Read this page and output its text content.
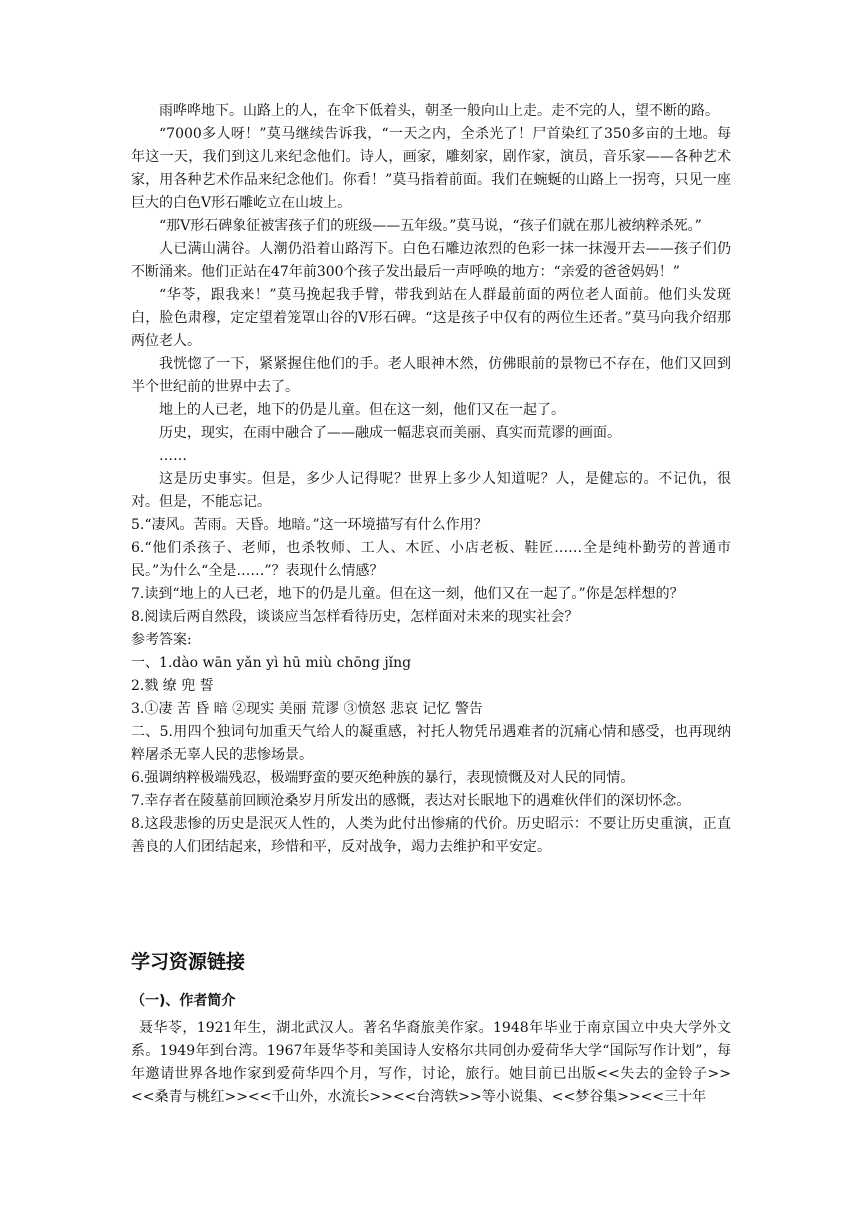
雨哗哗地下。山路上的人，在伞下低着头，朝圣一般向山上走。走不完的人，望不断的路。

“7000多人呀！”莫马继续告诉我，“一天之内，全杀光了！尸首染红了350多亩的土地。每年这一天，我们到这儿来纪念他们。诗人，画家，雕刻家，剧作家，演员，音乐家——各种艺术家，用各种艺术作品来纪念他们。你看！”莫马指着前面。我们在蜿蜒的山路上一拐弯，只见一座巨大的白色V形石雕屹立在山坡上。

“那V形石碑象征被害孩子们的班级——五年级。”莫马说，“孩子们就在那儿被纳粹杀死。”

人已满山满谷。人潮仍沿着山路泻下。白色石雕边浓烈的色彩一抹一抹漫开去——孩子们仍不断涌来。他们正站在47年前300个孩子发出最后一声呼唤的地方：“亲爱的爸爸妈妈！”

“华苓，跟我来！”莫马挽起我手臂，带我到站在人群最前面的两位老人面前。他们头发斑白，脸色肃穆，定定望着笼罩山谷的V形石碑。“这是孩子中仅有的两位生还者。”莫马向我介绍那两位老人。

我恍惚了一下，紧紧握住他们的手。老人眼神木然，仿佛眼前的景物已不存在，他们又回到半个世纪前的世界中去了。

地上的人已老，地下的仍是儿童。但在这一刻，他们又在一起了。

历史，现实，在雨中融合了——融成一幅悲哀而美丽、真实而荒谬的画面。

……

这是历史事实。但是，多少人记得呢？世界上多少人知道呢？人，是健忘的。不记仇，很对。但是，不能忘记。

5.“凄风。苦雨。天昏。地暗。”这一环境描写有什么作用？

6.“他们杀孩子、老师，也杀牧师、工人、木匠、小店老板、鞋匠……全是纯朴勤劳的普通市民。”为什么“全是……”？表现什么情感？

7.读到“地上的人已老，地下的仍是儿童。但在这一刻，他们又在一起了。”你是怎样想的？

8.阅读后两自然段，谈谈应当怎样看待历史，怎样面对未来的现实社会？

参考答案:

一、1.dào wān yǎn yì hū miù chōng jǐng

2.戮 缭 兜 誓

3.①凄 苦 昏 暗 ②现实 美丽 荒谬 ③愤怒 悲哀 记忆 警告

二、5.用四个独词句加重天气给人的凝重感，衬托人物凭吊遇难者的沉痛心情和感受，也再现纳粹屠杀无辜人民的悲惨场景。

6.强调纳粹极端残忍，极端野蛮的要灭绝种族的暴行，表现愤慨及对人民的同情。

7.幸存者在陵墓前回顾沧桑岁月所发出的感慨，表达对长眠地下的遇难伙伴们的深切怀念。

8.这段悲惨的历史是泯灭人性的，人类为此付出惨痛的代价。历史昭示：不要让历史重演，正直善良的人们团结起来，珍惜和平，反对战争，竭力去维护和平安定。

学习资源链接
（一)、作者简介

聂华苓，1921年生，湖北武汉人。著名华裔旅美作家。1948年毕业于南京国立中央大学外文系。1949年到台湾。1967年聂华苓和美国诗人安格尔共同创办爱荷华大学“国际写作计划”，每年邀请世界各地作家到爱荷华四个月，写作，讨论，旅行。她目前已出版<<失去的金铃子>><<桑青与桃红>><<千山外，水流长>><<台湾轶>>等小说集、<<梦谷集>><<三十年
